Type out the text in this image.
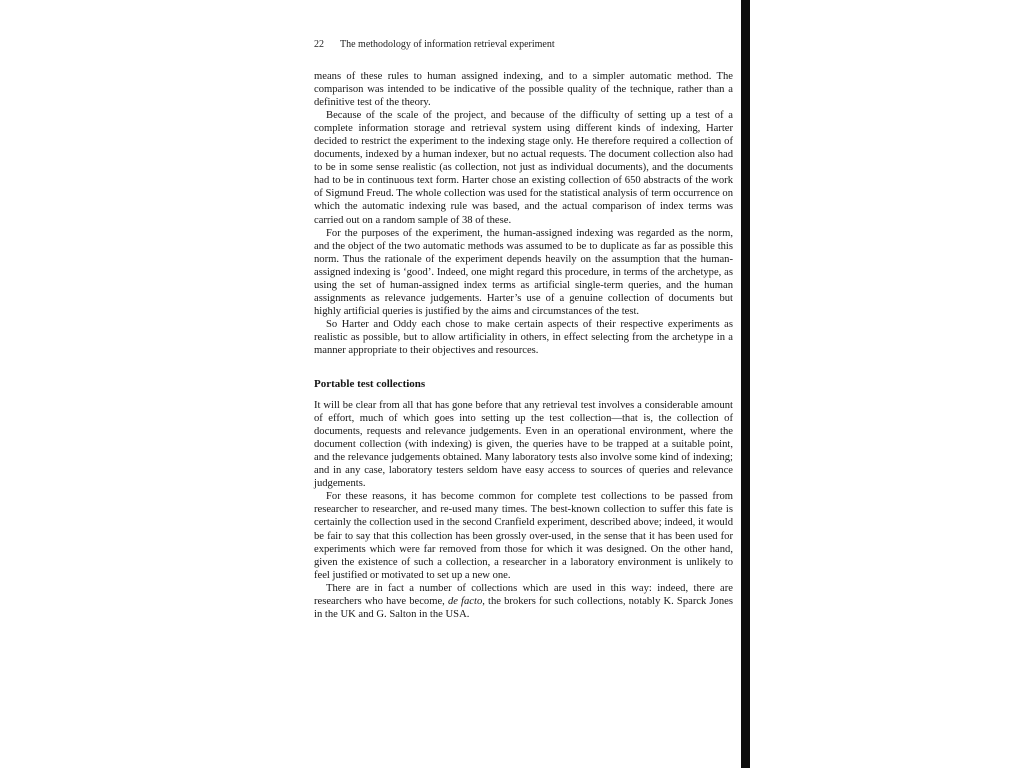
22 The methodology of information retrieval experiment

means of these rules to human assigned indexing, and to a simpler automatic method. The comparison was intended to be indicative of the possible quality of the technique, rather than a definitive test of the theory.

Because of the scale of the project, and because of the difficulty of setting up a test of a complete information storage and retrieval system using different kinds of indexing, Harter decided to restrict the experiment to the indexing stage only. He therefore required a collection of documents, indexed by a human indexer, but no actual requests. The document collection also had to be in some sense realistic (as collection, not just as individual documents), and the documents had to be in continuous text form. Harter chose an existing collection of 650 abstracts of the work of Sigmund Freud. The whole collection was used for the statistical analysis of term occurrence on which the automatic indexing rule was based, and the actual comparison of index terms was carried out on a random sample of 38 of these.

For the purposes of the experiment, the human-assigned indexing was regarded as the norm, and the object of the two automatic methods was assumed to be to duplicate as far as possible this norm. Thus the rationale of the experiment depends heavily on the assumption that the human-assigned indexing is ‘good’. Indeed, one might regard this procedure, in terms of the archetype, as using the set of human-assigned index terms as artificial single-term queries, and the human assignments as relevance judgements. Harter’s use of a genuine collection of documents but highly artificial queries is justified by the aims and circumstances of the test.

So Harter and Oddy each chose to make certain aspects of their respective experiments as realistic as possible, but to allow artificiality in others, in effect selecting from the archetype in a manner appropriate to their objectives and resources.

Portable test collections

It will be clear from all that has gone before that any retrieval test involves a considerable amount of effort, much of which goes into setting up the test collection—that is, the collection of documents, requests and relevance judgements. Even in an operational environment, where the document collection (with indexing) is given, the queries have to be trapped at a suitable point, and the relevance judgements obtained. Many laboratory tests also involve some kind of indexing; and in any case, laboratory testers seldom have easy access to sources of queries and relevance judgements.

For these reasons, it has become common for complete test collections to be passed from researcher to researcher, and re-used many times. The best-known collection to suffer this fate is certainly the collection used in the second Cranfield experiment, described above; indeed, it would be fair to say that this collection has been grossly over-used, in the sense that it has been used for experiments which were far removed from those for which it was designed. On the other hand, given the existence of such a collection, a researcher in a laboratory environment is unlikely to feel justified or motivated to set up a new one.

There are in fact a number of collections which are used in this way: indeed, there are researchers who have become, de facto, the brokers for such collections, notably K. Sparck Jones in the UK and G. Salton in the USA.
